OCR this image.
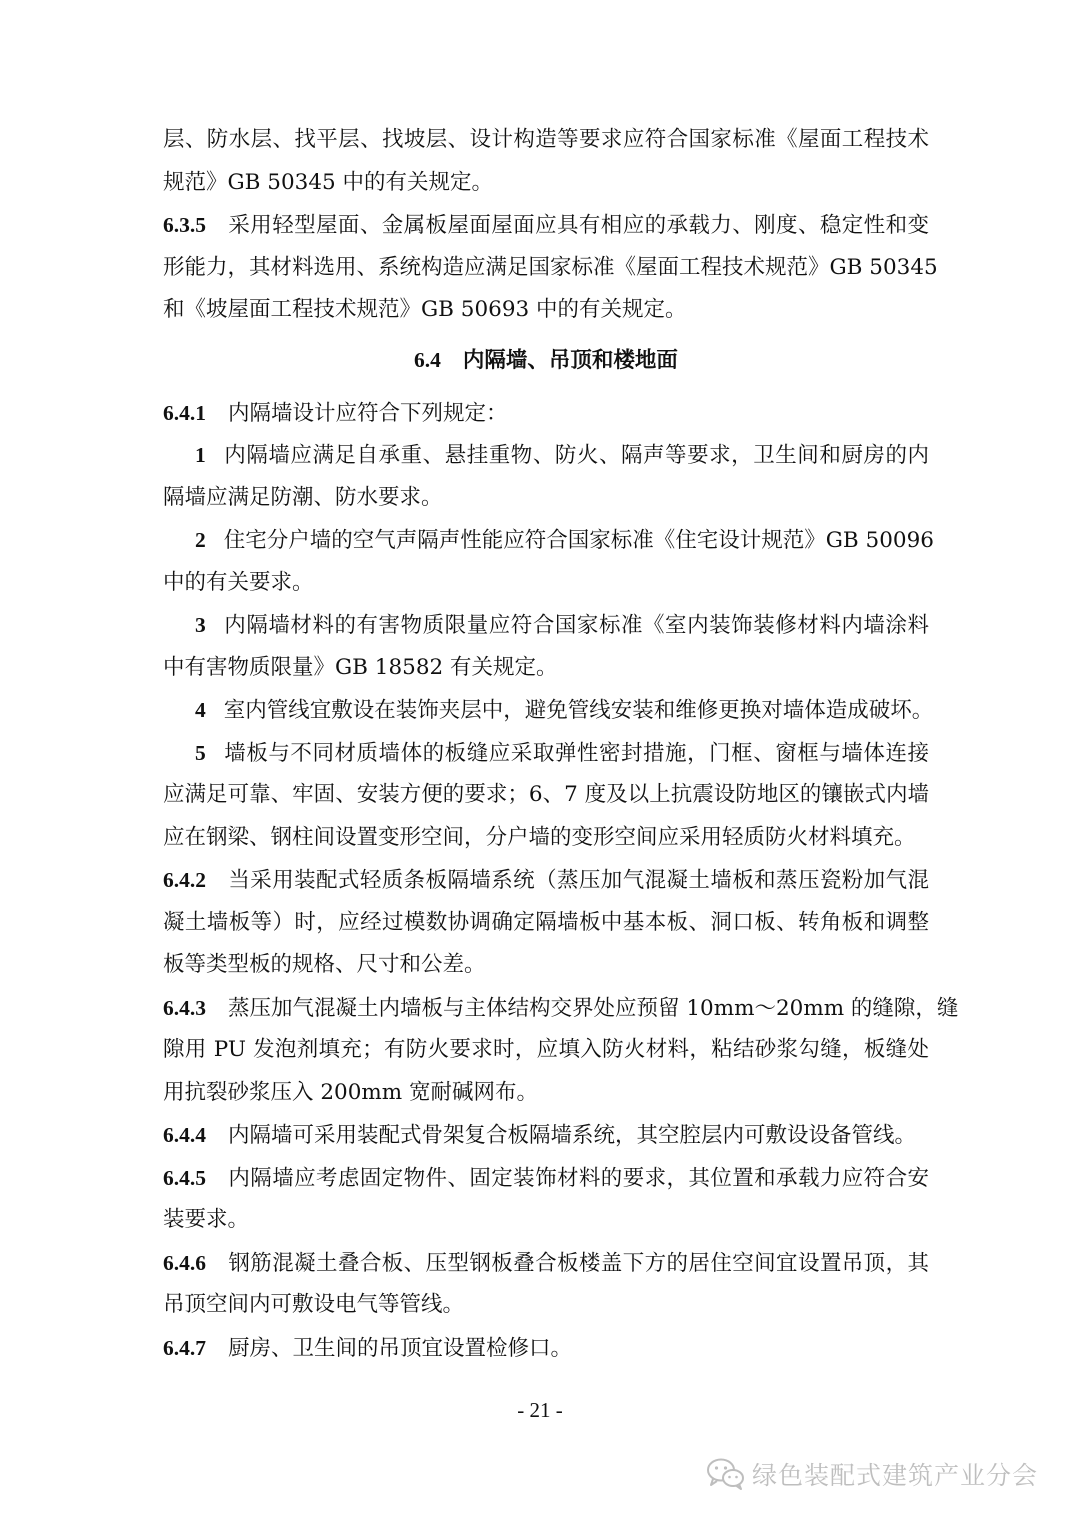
层、防水层、找平层、找坡层、设计构造等要求应符合国家标准《屋面工程技术
规范》GB 50345 中的有关规定。
6.3.5 采用轻型屋面、金属板屋面屋面应具有相应的承载力、刚度、稳定性和变
形能力，其材料选用、系统构造应满足国家标准《屋面工程技术规范》GB 50345
和《坡屋面工程技术规范》GB 50693 中的有关规定。
6.4 内隔墙、吊顶和楼地面
6.4.1 内隔墙设计应符合下列规定：
1 内隔墙应满足自承重、悬挂重物、防火、隔声等要求，卫生间和厨房的内
隔墙应满足防潮、防水要求。
2 住宅分户墙的空气声隔声性能应符合国家标准《住宅设计规范》GB 50096
中的有关要求。
3 内隔墙材料的有害物质限量应符合国家标准《室内装饰装修材料内墙涂料
中有害物质限量》GB 18582 有关规定。
4 室内管线宜敷设在装饰夹层中，避免管线安装和维修更换对墙体造成破坏。
5 墙板与不同材质墙体的板缝应采取弹性密封措施，门框、窗框与墙体连接
应满足可靠、牢固、安装方便的要求；6、7 度及以上抗震设防地区的镶嵌式内墙
应在钢梁、钢柱间设置变形空间，分户墙的变形空间应采用轻质防火材料填充。
6.4.2 当采用装配式轻质条板隔墙系统（蒸压加气混凝土墙板和蒸压瓷粉加气混
凝土墙板等）时，应经过模数协调确定隔墙板中基本板、洞口板、转角板和调整
板等类型板的规格、尺寸和公差。
6.4.3 蒸压加气混凝土内墙板与主体结构交界处应预留 10mm～20mm 的缝隙，缝
隙用 PU 发泡剂填充；有防火要求时，应填入防火材料，粘结砂浆勾缝，板缝处
用抗裂砂浆压入 200mm 宽耐碱网布。
6.4.4 内隔墙可采用装配式骨架复合板隔墙系统，其空腔层内可敷设设备管线。
6.4.5 内隔墙应考虑固定物件、固定装饰材料的要求，其位置和承载力应符合安
装要求。
6.4.6 钢筋混凝土叠合板、压型钢板叠合板楼盖下方的居住空间宜设置吊顶，其
吊顶空间内可敷设电气等管线。
6.4.7 厨房、卫生间的吊顶宜设置检修口。
- 21 -
绿色装配式建筑产业分会
